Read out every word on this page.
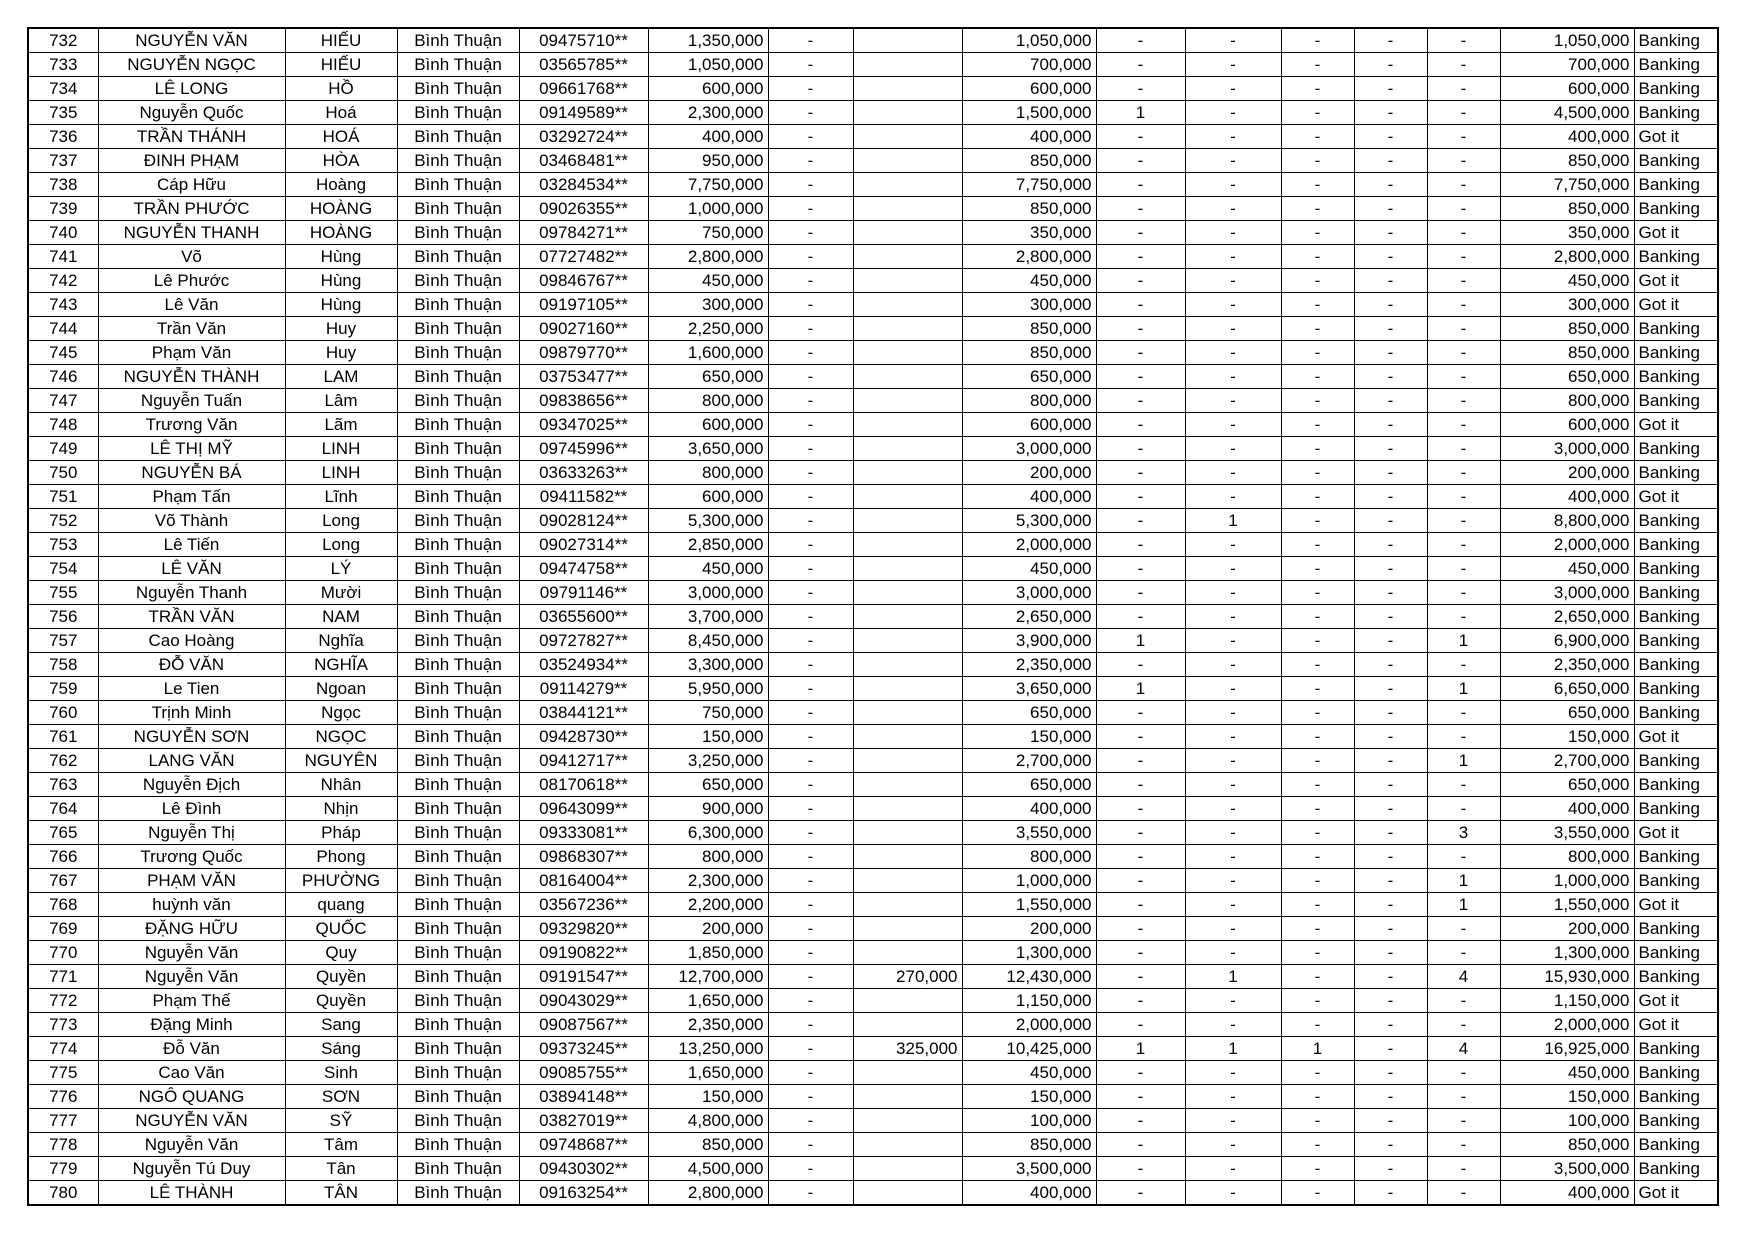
732	NGUYỄN VĂN	HIẾU	Bình Thuận	09475710**	1,350,000	-		1,050,000	-	-	-	-	-	1,050,000	Banking
733	NGUYỄN NGỌC	HIẾU	Bình Thuận	03565785**	1,050,000	-		700,000	-	-	-	-	-	700,000	Banking
734	LÊ LONG	HỒ	Bình Thuận	09661768**	600,000	-		600,000	-	-	-	-	-	600,000	Banking
735	Nguyễn Quốc	Hoá	Bình Thuận	09149589**	2,300,000	-		1,500,000	1	-	-	-	-	4,500,000	Banking
736	TRẦN THÁNH	HOÁ	Bình Thuận	03292724**	400,000	-		400,000	-	-	-	-	-	400,000	Got it
737	ĐINH PHẠM	HÒA	Bình Thuận	03468481**	950,000	-		850,000	-	-	-	-	-	850,000	Banking
738	Cáp Hữu	Hoàng	Bình Thuận	03284534**	7,750,000	-		7,750,000	-	-	-	-	-	7,750,000	Banking
739	TRẦN PHƯỚC	HOÀNG	Bình Thuận	09026355**	1,000,000	-		850,000	-	-	-	-	-	850,000	Banking
740	NGUYỄN THANH	HOÀNG	Bình Thuận	09784271**	750,000	-		350,000	-	-	-	-	-	350,000	Got it
741	Võ	Hùng	Bình Thuận	07727482**	2,800,000	-		2,800,000	-	-	-	-	-	2,800,000	Banking
742	Lê Phước	Hùng	Bình Thuận	09846767**	450,000	-		450,000	-	-	-	-	-	450,000	Got it
743	Lê Văn	Hùng	Bình Thuận	09197105**	300,000	-		300,000	-	-	-	-	-	300,000	Got it
744	Trần Văn	Huy	Bình Thuận	09027160**	2,250,000	-		850,000	-	-	-	-	-	850,000	Banking
745	Phạm Văn	Huy	Bình Thuận	09879770**	1,600,000	-		850,000	-	-	-	-	-	850,000	Banking
746	NGUYỄN THÀNH	LAM	Bình Thuận	03753477**	650,000	-		650,000	-	-	-	-	-	650,000	Banking
747	Nguyễn Tuấn	Lâm	Bình Thuận	09838656**	800,000	-		800,000	-	-	-	-	-	800,000	Banking
748	Trương Văn	Lãm	Bình Thuận	09347025**	600,000	-		600,000	-	-	-	-	-	600,000	Got it
749	LÊ THỊ MỸ	LINH	Bình Thuận	09745996**	3,650,000	-		3,000,000	-	-	-	-	-	3,000,000	Banking
750	NGUYỄN BÁ	LINH	Bình Thuận	03633263**	800,000	-		200,000	-	-	-	-	-	200,000	Banking
751	Phạm Tấn	Lĩnh	Bình Thuận	09411582**	600,000	-		400,000	-	-	-	-	-	400,000	Got it
752	Võ Thành	Long	Bình Thuận	09028124**	5,300,000	-		5,300,000	-	1	-	-	-	8,800,000	Banking
753	Lê Tiến	Long	Bình Thuận	09027314**	2,850,000	-		2,000,000	-	-	-	-	-	2,000,000	Banking
754	LÊ VĂN	LÝ	Bình Thuận	09474758**	450,000	-		450,000	-	-	-	-	-	450,000	Banking
755	Nguyễn Thanh	Mười	Bình Thuận	09791146**	3,000,000	-		3,000,000	-	-	-	-	-	3,000,000	Banking
756	TRẦN VĂN	NAM	Bình Thuận	03655600**	3,700,000	-		2,650,000	-	-	-	-	-	2,650,000	Banking
757	Cao Hoàng	Nghĩa	Bình Thuận	09727827**	8,450,000	-		3,900,000	1	-	-	-	1	6,900,000	Banking
758	ĐỖ VĂN	NGHĨA	Bình Thuận	03524934**	3,300,000	-		2,350,000	-	-	-	-	-	2,350,000	Banking
759	Le Tien	Ngoan	Bình Thuận	09114279**	5,950,000	-		3,650,000	1	-	-	-	1	6,650,000	Banking
760	Trịnh Minh	Ngọc	Bình Thuận	03844121**	750,000	-		650,000	-	-	-	-	-	650,000	Banking
761	NGUYỄN SƠN	NGỌC	Bình Thuận	09428730**	150,000	-		150,000	-	-	-	-	-	150,000	Got it
762	LANG VĂN	NGUYÊN	Bình Thuận	09412717**	3,250,000	-		2,700,000	-	-	-	-	1	2,700,000	Banking
763	Nguyễn Địch	Nhân	Bình Thuận	08170618**	650,000	-		650,000	-	-	-	-	-	650,000	Banking
764	Lê Đình	Nhịn	Bình Thuận	09643099**	900,000	-		400,000	-	-	-	-	-	400,000	Banking
765	Nguyễn Thị	Pháp	Bình Thuận	09333081**	6,300,000	-		3,550,000	-	-	-	-	3	3,550,000	Got it
766	Trương Quốc	Phong	Bình Thuận	09868307**	800,000	-		800,000	-	-	-	-	-	800,000	Banking
767	PHẠM VĂN	PHƯỜNG	Bình Thuận	08164004**	2,300,000	-		1,000,000	-	-	-	-	1	1,000,000	Banking
768	huỳnh văn	quang	Bình Thuận	03567236**	2,200,000	-		1,550,000	-	-	-	-	1	1,550,000	Got it
769	ĐẶNG HỮU	QUỐC	Bình Thuận	09329820**	200,000	-		200,000	-	-	-	-	-	200,000	Banking
770	Nguyễn Văn	Quy	Bình Thuận	09190822**	1,850,000	-		1,300,000	-	-	-	-	-	1,300,000	Banking
771	Nguyễn Văn	Quyền	Bình Thuận	09191547**	12,700,000	-	270,000	12,430,000	-	1	-	-	4	15,930,000	Banking
772	Phạm Thế	Quyền	Bình Thuận	09043029**	1,650,000	-		1,150,000	-	-	-	-	-	1,150,000	Got it
773	Đặng Minh	Sang	Bình Thuận	09087567**	2,350,000	-		2,000,000	-	-	-	-	-	2,000,000	Got it
774	Đỗ Văn	Sáng	Bình Thuận	09373245**	13,250,000	-	325,000	10,425,000	1	1	1	-	4	16,925,000	Banking
775	Cao Văn	Sinh	Bình Thuận	09085755**	1,650,000	-		450,000	-	-	-	-	-	450,000	Banking
776	NGÔ QUANG	SƠN	Bình Thuận	03894148**	150,000	-		150,000	-	-	-	-	-	150,000	Banking
777	NGUYỄN VĂN	SỸ	Bình Thuận	03827019**	4,800,000	-		100,000	-	-	-	-	-	100,000	Banking
778	Nguyễn Văn	Tâm	Bình Thuận	09748687**	850,000	-		850,000	-	-	-	-	-	850,000	Banking
779	Nguyễn Tú Duy	Tân	Bình Thuận	09430302**	4,500,000	-		3,500,000	-	-	-	-	-	3,500,000	Banking
780	LÊ THÀNH	TÂN	Bình Thuận	09163254**	2,800,000	-		400,000	-	-	-	-	-	400,000	Got it
